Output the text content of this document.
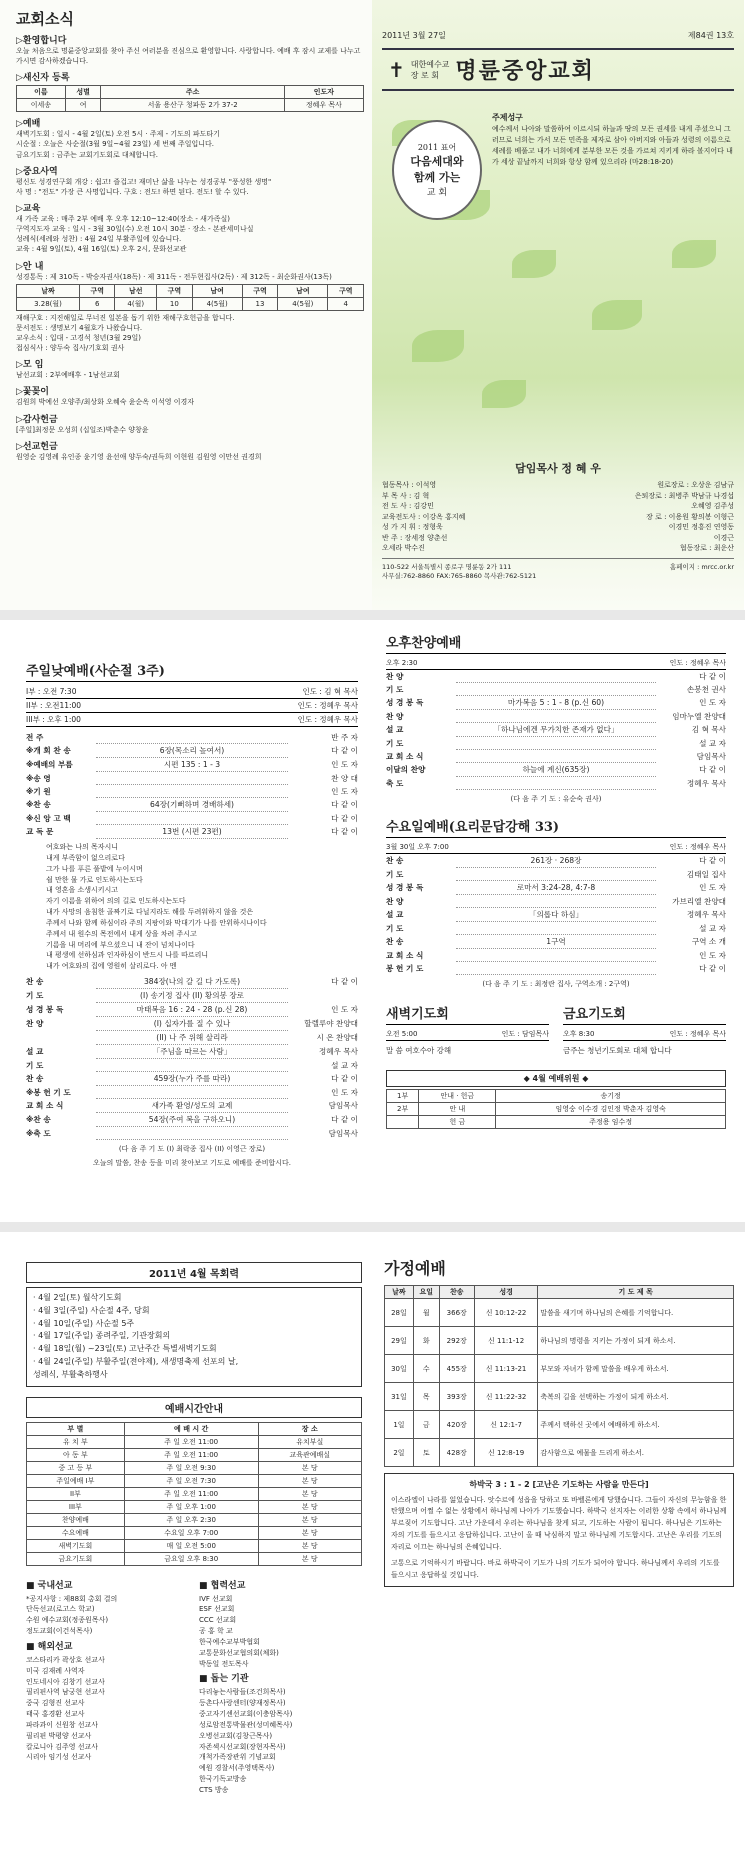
교회소식
▷환영합니다
오늘 처음으로 명륜중앙교회를 찾아 주신 여러분을 진심으로 환영합니다. 사랑합니다. 예배 후 잠시 교제를 나누고 가시면 감사하겠습니다.
▷새신자 등록
이름	성별	주소	인도자
이세송	여	서울 용산구 청파동 2가 37-2	정혜우 목사
▷예배
새벽기도회 : 일시 - 4월 2일(토) 오전 5시 · 주제 - 기도의 파도타기
시순절 : 오늘은 사순절(3월 9일~4월 23일) 세 번째 주일입니다.
금요기도회 : 금주는 교회기도회로 대체합니다.
▷중요사역
평신도 성경연구회 개강 : 쉽고! 즐겁고! 재미난 삶을 나누는 성경공부 "풍성한 생명"
사 명 : "전도" 가장 큰 사명입니다. 구호 : 전도! 하면 된다. 전도! 할 수 있다.
▷교육
새 가족 교육 : 매주 2부 예배 후 오후 12:10~12:40(장소 - 새가족실)
구역지도자 교육 : 일시 - 3월 30일(수) 오전 10시 30분 · 장소 - 본관세미나실
성례식(세례와 성찬) : 4월 24일 부활주일에 있습니다.
교육 : 4월 9일(토), 4월 16일(토) 오후 2시, 문화선교관
▷안 내
성경통독 : 제 310독 - 박승자권사(18독) · 제 311독 - 전두현집사(2독) · 제 312독 - 최순화권사(13독)
날짜	구역	남선	구역	남여	구역	남여	구역
3.28(월)	6	4(월)	10	4(5월)	13	4(5월)	4
재해구호 : 지진해일로 무너진 일본을 돕기 위한 재해구호헌금을 합니다.
문서전도 : 생명보기 4월호가 나왔습니다.
교우소식 : 입대 - 고경석 청년(3월 29일)
접심식사 : 양두숙 집사/기호회 권사
▷모 임
남선교회 : 2부예배후 - 1남선교회
▷꽃꽂이
김원희 박예선 오양주/최상화 오혜숙 윤순옥 이석영 이경자
▷감사헌금
[주일]최정문 오성희 (십일조)박춘수 양창윤
▷선교헌금
원영순 김영례 유인종 윤기영 윤선애 양두숙/권득희 이현원 김원영 이만선 권경희
2011년 3월 27일	제84권 13호
✝ 대한예수교
장 로 회 명륜중앙교회
2011 표어
다음세대와
함께 가는
교 회
주제성구
예수께서 나아와 말씀하여 이르시되 하늘과 땅의 모든 권세를 내게 주셨으니 그러므로 너희는 가서 모든 민족을 제자로 삼아 아버지와 아들과 성령의 이름으로 세례를 베풀고 내가 너희에게 분부한 모든 것을 가르쳐 지키게 하라 볼지어다 내가 세상 끝날까지 너희와 항상 함께 있으리라 (마28:18-20)
담임목사 정 혜 우
협동목사 : 이석영	원로장로 : 오상운 김남규
부 목 사 : 김 혁	은퇴장로 : 최병주 박남규 나경섭
전 도 사 : 김강민	오혜영 김주성
교육전도사 : 이강옥 홍지혜	장 로 : 이용원 황의봉 이형근
성 가 지 휘 : 정형욱	이경민 정흥진 연영동
반 주 : 장세정 양춘선	이경근
오세라 박수진	협동장로 : 최운산
110-522 서울특별시 종로구 명륜동 2가 111	홈페이지 : mrcc.or.kr
사무실:762-8860 FAX:765-8860 목사관:762-5121
주일낮예배(사순절 3주)
I부 : 오전 7:30	인도 : 김 혁 목사
II부 : 오전11:00	인도 : 정혜우 목사
III부 : 오후 1:00	인도 : 정혜우 목사
전 주	반 주 자
※개 회 찬 송	6장(목소리 높여서)	다 같 이
※예배의 부름	시편 135 : 1 - 3	인 도 자
※송 영	찬 양 대
※기 원	인 도 자
※찬 송	64장(기뻐하며 경배하세)	다 같 이
※신 앙 고 백	다 같 이
교 독 문	13번 (시편 23편)	다 같 이
여호와는 나의 목자시니
내게 부족함이 없으리로다
그가 나를 푸른 풀밭에 누이시며
쉴 만한 물 가로 인도하시는도다
내 영혼을 소생시키시고
자기 이름을 위하여 의의 길로 인도하시는도다
내가 사망의 음침한 골짜기로 다닐지라도 해를 두려워하지 않을 것은
주께서 나와 함께 하심이라 주의 지팡이와 막대기가 나를 안위하시나이다
주께서 내 원수의 목전에서 내게 상을 차려 주시고
기름을 내 머리에 부으셨으니 내 잔이 넘치나이다
내 평생에 선하심과 인자하심이 반드시 나를 따르리니
내가 여호와의 집에 영원히 살리로다. 아 멘
찬 송	384장(나의 갈 길 다 가도록)	다 같 이
기 도	(I) 송기정 집사 (II) 황의봉 장로
성 경 봉 독	마태복음 16 : 24 - 28 (p.신 28)	인 도 자
찬 양	(I) 십자가를 질 수 있나	할렐루야 찬양대
(II) 나 주 위해 살리라	시 온 찬양대
설 교	「주님을 따르는 사람」	정혜우 목사
기 도	설 교 자
찬 송	459장(누가 주를 따라)	다 같 이
※봉 헌 기 도	인 도 자
교 회 소 식	새가족 환영/성도의 교제	담임목사
※찬 송	54장(주여 복을 구하오니)	다 같 이
※축 도	담임목사
(다 음 주 기 도 (I) 최락종 집사 (II) 이영근 장로)
오늘의 말씀, 찬송 등을 미리 찾아보고 기도로 예배를 준비합시다.
오후찬양예배
오후 2:30	인도 : 정혜우 목사
찬 양	다 같 이
기 도	손봉천 권사
성 경 봉 독	마가복음 5 : 1 - 8 (p.신 60)	인 도 자
찬 양	임마누엘 찬양대
설 교	「하나님에겐 무가치한 존재가 없다」	김 혁 목사
기 도	설 교 자
교 회 소 식	담임목사
이달의 찬양	하늘에 계신(635장)	다 같 이
축 도	정혜우 목사
(다 음 주 기 도 : 유순숙 권사)
수요일예배(요리문답강해 33)
3월 30일 오후 7:00	인도 : 정혜우 목사
찬 송	261장 · 268장	다 같 이
기 도	김태일 집사
성 경 봉 독	로마서 3:24-28, 4:7-8	인 도 자
찬 양	가브리엘 찬양대
설 교	「의롭다 하심」	정혜우 목사
기 도	설 교 자
찬 송	1구역	구역 소 개
교 회 소 식	인 도 자
봉 헌 기 도	다 같 이
(다 음 주 기 도 : 최정란 집사, 구역소개 : 2구역)
새벽기도회
오전 5:00	인도 : 담임목사
말 씀 여호수아 강해
금요기도회
오후 8:30	인도 : 정혜우 목사
금주는 청년기도회로 대체 합니다
◆ 4월 예배위원 ◆
1부	안내 · 헌금	송기정
2부	안 내	임영숭 이수경 김인정 박춘자 김영숙
	헌 금	주정용 임수정
2011년 4월 목회력
· 4월 2일(토) 월삭기도회
· 4월 3일(주일) 사순절 4주, 당회
· 4월 10일(주일) 사순절 5주
· 4월 17일(주일) 종려주일, 기관장회의
· 4월 18일(월) ~23일(토) 고난주간 특별새벽기도회
· 4월 24일(주일) 부활주일(전야제), 새생명축제 선포의 날,
성례식, 부활축하행사
예배시간안내
부 별	예 배 시 간	장 소
유 치 부	주 일 오전 11:00	유치부실
아 동 부	주 일 오전 11:00	교육관예배실
중 고 등 부	주 일 오전 9:30	본 당
주일예배 I부	주 일 오전 7:30	본 당
II부	주 일 오전 11:00	본 당
III부	주 일 오후 1:00	본 당
찬양예배	주 일 오후 2:30	본 당
수요예배	수요일 오후 7:00	본 당
새벽기도회	매 일 오전 5:00	본 당
금요기도회	금요일 오후 8:30	본 당
■ 국내선교
*공지사항 : 제88회 총회 결의
단독선교(로고스 학교)
수원 예수교회(정종원목사)
정도교회(이건석목사)
■ 해외선교
코스타리카 곽상호 선교사
미국 김재례 사역자
인도네시아 김창기 선교사
필리핀사역 남궁현 선교사
중국 김형진 선교사
태국 홍경환 선교사
파라과이 신원창 선교사
필리핀 박평양 선교사
칼로니아 김주영 선교사
시리아 임기성 선교사
■ 협력선교
IVF 선교회
ESF 선교회
CCC 선교회
공 홍 학 교
한국예수교부박협회
교통문화선교협의회(체화)
박동일 전도목사
■ 돕는 기관
다리놓는사람들(조건희목사)
등촌다사랑센터(양재정목사)
중고자기센선교회(이충암목사)
성로암전통박물관(성미혜목사)
오병선교회(김창근목사)
자존섹시선교회(장현자목사)
개척가족장관위 기념교회
예원 경찰서(주영택목사)
한국기독교방송
CTS 방송
가정예배
날짜	요일	찬송	성경	기 도 제 목
28일	월	366장	신 10:12-22	말씀을 새기며 하나님의 은혜를 기억합니다.
29일	화	292장	신 11:1-12	하나님의 명령을 지키는 가정이 되게 하소서.
30일	수	455장	신 11:13-21	부모와 자녀가 함께 말씀을 배우게 하소서.
31일	목	393장	신 11:22-32	축복의 길을 선택하는 가정이 되게 하소서.
1일	금	420장	신 12:1-7	주께서 택하신 곳에서 예배하게 하소서.
2일	토	428장	신 12:8-19	감사함으로 예물을 드리게 하소서.
하박국 3 : 1 - 2 [고난은 기도하는 사람을 만든다]
이스라엘이 나라를 잃었습니다. 앗수르에 성읍을 당하고 또 바벨론에게 당했습니다. 그들이 자신의 무능함을 한탄했으며 어쩔 수 없는 상황에서 하나님께 나아가 기도했습니다. 하박국 선지자는 이러한 상황 속에서 하나님께 부르짖어 기도합니다. 고난 가운데서 우리는 하나님을 찾게 되고, 기도하는 사람이 됩니다. 하나님은 기도하는 자의 기도를 들으시고 응답하십니다. 고난이 올 때 낙심하지 말고 하나님께 기도합시다. 고난은 우리를 기도의 자리로 이끄는 하나님의 은혜입니다.
고통으로 기억하시기 바랍니다. 바로 하박국이 기도가 나의 기도가 되어야 합니다. 하나님께서 우리의 기도를 들으시고 응답하실 것입니다.
